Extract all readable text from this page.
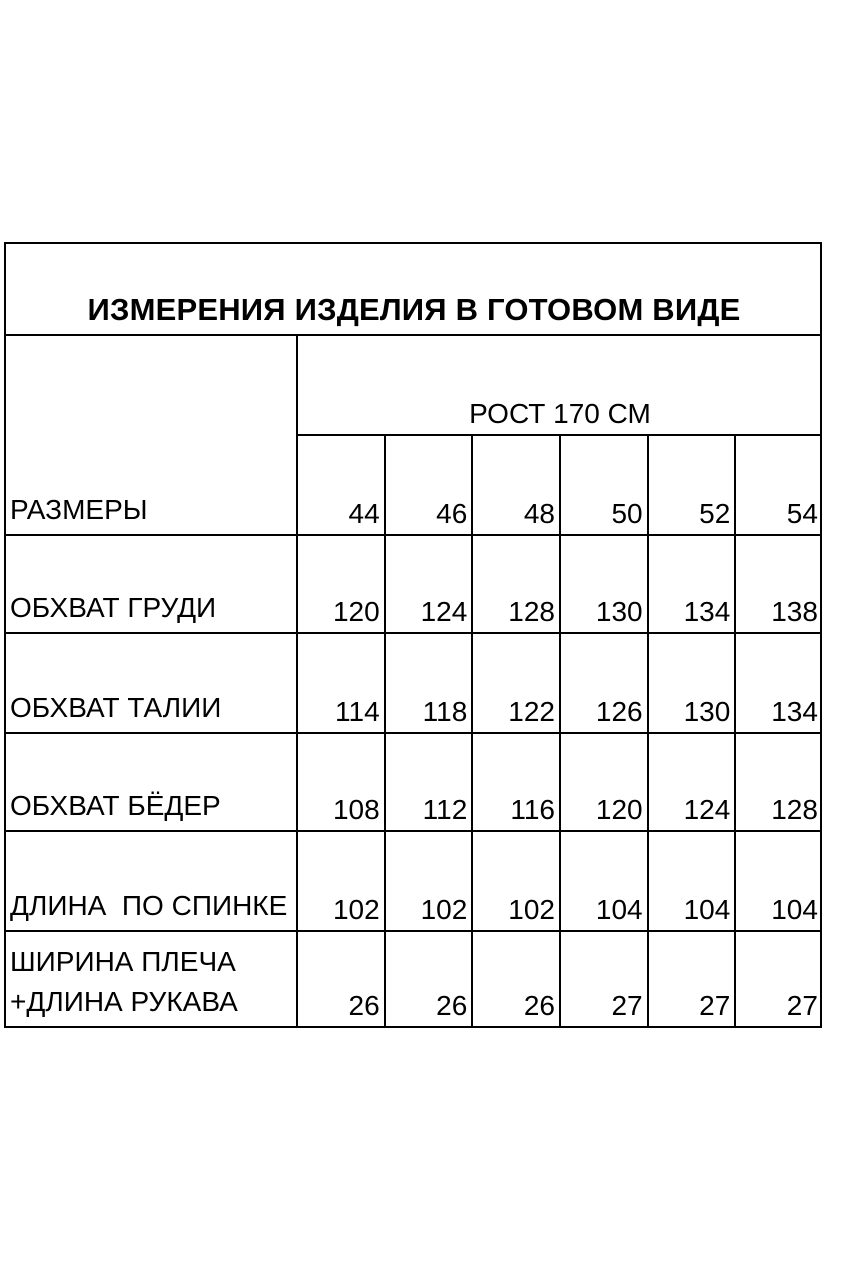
ИЗМЕРЕНИЯ ИЗДЕЛИЯ В ГОТОВОМ ВИДЕ
РОСТ 170 СМ
РАЗМЕРЫ	44	46	48	50	52	54
ОБХВАТ ГРУДИ	120	124	128	130	134	138
ОБХВАТ ТАЛИИ	114	118	122	126	130	134
ОБХВАТ БЁДЕР	108	112	116	120	124	128
ДЛИНА  ПО СПИНКЕ	102	102	102	104	104	104
ШИРИНА ПЛЕЧА
+ДЛИНА РУКАВА	26	26	26	27	27	27
